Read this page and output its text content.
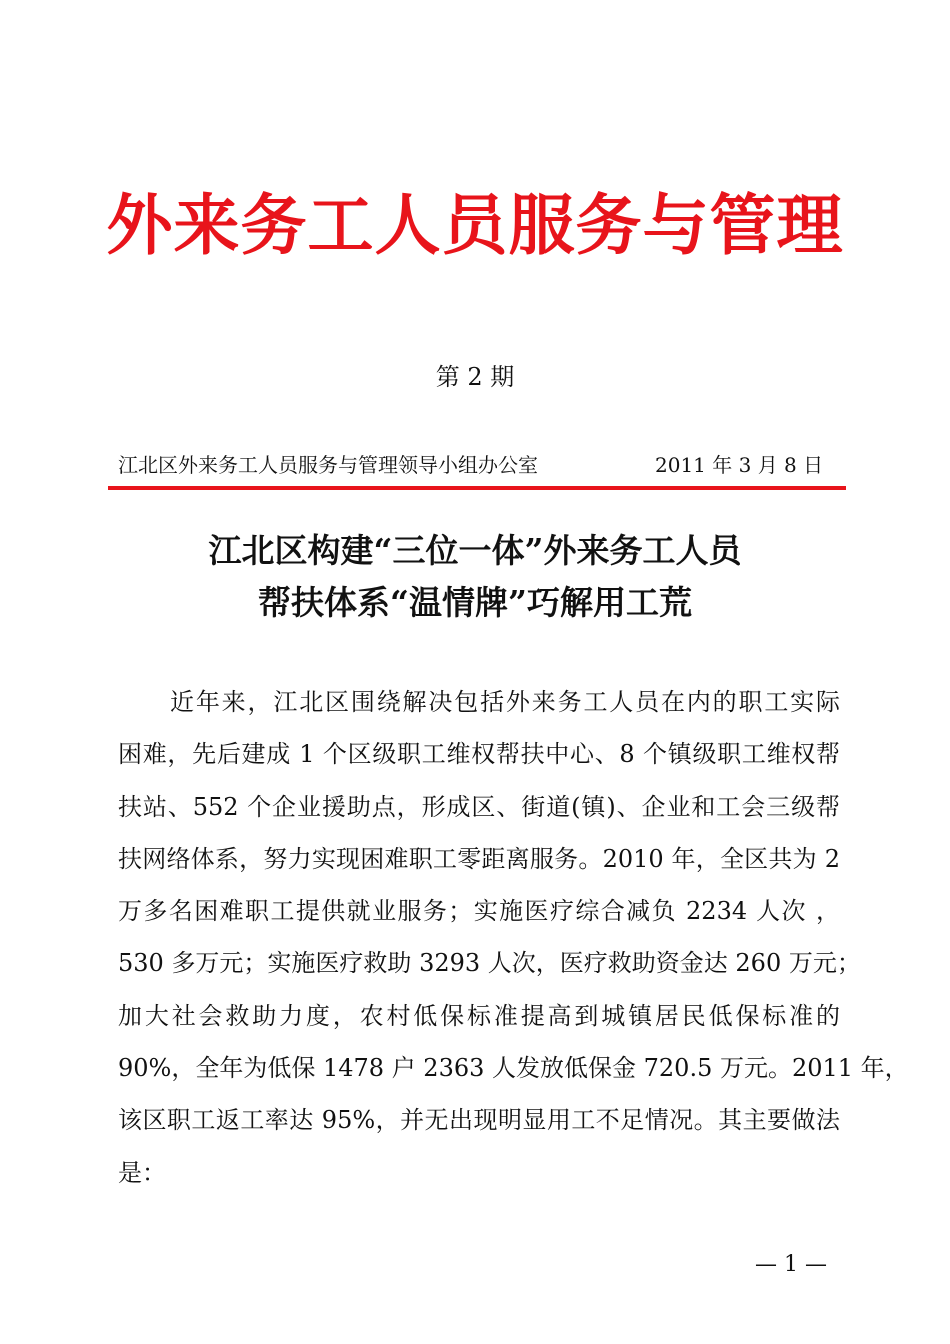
外来务工人员服务与管理
第 2 期
江北区外来务工人员服务与管理领导小组办公室	2011 年 3 月 8 日
江北区构建“三位一体”外来务工人员
帮扶体系“温情牌”巧解用工荒
近年来，江北区围绕解决包括外来务工人员在内的职工实际
困难，先后建成 1 个区级职工维权帮扶中心、8 个镇级职工维权帮
扶站、552 个企业援助点，形成区、街道(镇)、企业和工会三级帮
扶网络体系，努力实现困难职工零距离服务。2010 年，全区共为 2
万多名困难职工提供就业服务；实施医疗综合减负 2234 人次 ，
530 多万元；实施医疗救助 3293 人次，医疗救助资金达 260 万元；
加大社会救助力度，农村低保标准提高到城镇居民低保标准的
90%，全年为低保 1478 户 2363 人发放低保金 720.5 万元。2011 年，
该区职工返工率达 95%，并无出现明显用工不足情况。其主要做法
是：
— 1 —
